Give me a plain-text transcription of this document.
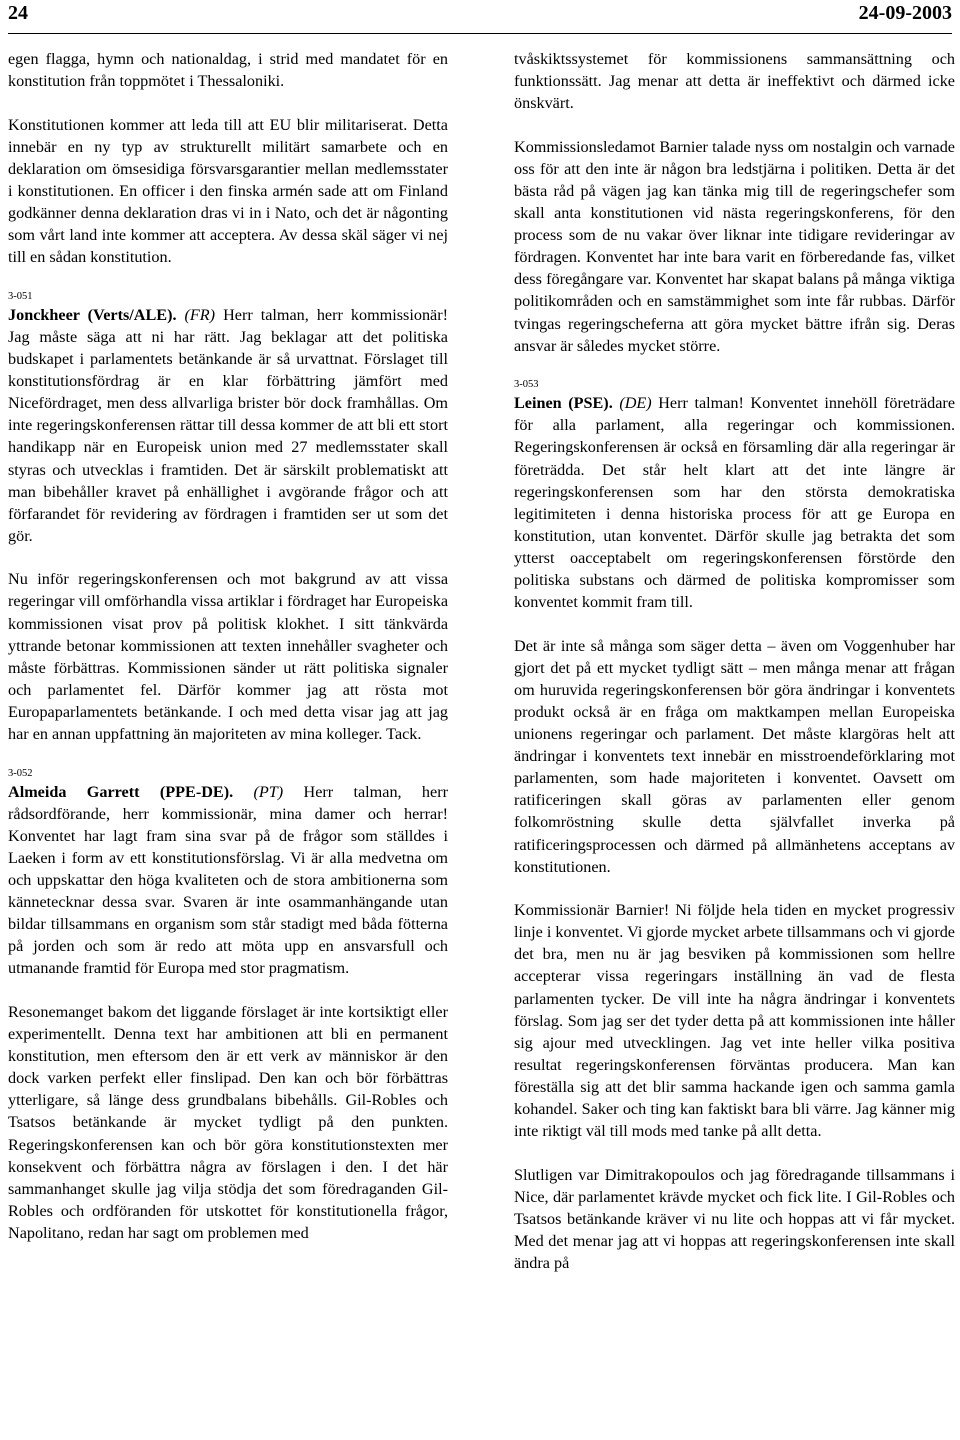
24	24-09-2003

egen flagga, hymn och nationaldag, i strid med mandatet för en konstitution från toppmötet i Thessaloniki.

Konstitutionen kommer att leda till att EU blir militariserat. Detta innebär en ny typ av strukturellt militärt samarbete och en deklaration om ömsesidiga försvarsgarantier mellan medlemsstater i konstitutionen. En officer i den finska armén sade att om Finland godkänner denna deklaration dras vi in i Nato, och det är någonting som vårt land inte kommer att acceptera. Av dessa skäl säger vi nej till en sådan konstitution.

3-051

Jonckheer (Verts/ALE). (FR) Herr talman, herr kommissionär! Jag måste säga att ni har rätt. Jag beklagar att det politiska budskapet i parlamentets betänkande är så urvattnat. Förslaget till konstitutionsfördrag är en klar förbättring jämfört med Nicefördraget, men dess allvarliga brister bör dock framhållas. Om inte regeringskonferensen rättar till dessa kommer de att bli ett stort handikapp när en Europeisk union med 27 medlemsstater skall styras och utvecklas i framtiden. Det är särskilt problematiskt att man bibehåller kravet på enhällighet i avgörande frågor och att förfarandet för revidering av fördragen i framtiden ser ut som det gör.

Nu inför regeringskonferensen och mot bakgrund av att vissa regeringar vill omförhandla vissa artiklar i fördraget har Europeiska kommissionen visat prov på politisk klokhet. I sitt tänkvärda yttrande betonar kommissionen att texten innehåller svagheter och måste förbättras. Kommissionen sänder ut rätt politiska signaler och parlamentet fel. Därför kommer jag att rösta mot Europaparlamentets betänkande. I och med detta visar jag att jag har en annan uppfattning än majoriteten av mina kolleger. Tack.

3-052

Almeida Garrett (PPE-DE). (PT) Herr talman, herr rådsordförande, herr kommissionär, mina damer och herrar! Konventet har lagt fram sina svar på de frågor som ställdes i Laeken i form av ett konstitutionsförslag. Vi är alla medvetna om och uppskattar den höga kvaliteten och de stora ambitionerna som kännetecknar dessa svar. Svaren är inte osammanhängande utan bildar tillsammans en organism som står stadigt med båda fötterna på jorden och som är redo att möta upp en ansvarsfull och utmanande framtid för Europa med stor pragmatism.

Resonemanget bakom det liggande förslaget är inte kortsiktigt eller experimentellt. Denna text har ambitionen att bli en permanent konstitution, men eftersom den är ett verk av människor är den dock varken perfekt eller finslipad. Den kan och bör förbättras ytterligare, så länge dess grundbalans bibehålls. Gil-Robles och Tsatsos betänkande är mycket tydligt på den punkten. Regeringskonferensen kan och bör göra konstitutionstexten mer konsekvent och förbättra några av förslagen i den. I det här sammanhanget skulle jag vilja stödja det som föredraganden Gil-Robles och ordföranden för utskottet för konstitutionella frågor, Napolitano, redan har sagt om problemen med

tvåskiktssystemet för kommissionens sammansättning och funktionssätt. Jag menar att detta är ineffektivt och därmed icke önskvärt.

Kommissionsledamot Barnier talade nyss om nostalgin och varnade oss för att den inte är någon bra ledstjärna i politiken. Detta är det bästa råd på vägen jag kan tänka mig till de regeringschefer som skall anta konstitutionen vid nästa regeringskonferens, för den process som de nu vakar över liknar inte tidigare revideringar av fördragen. Konventet har inte bara varit en förberedande fas, vilket dess föregångare var. Konventet har skapat balans på många viktiga politikområden och en samstämmighet som inte får rubbas. Därför tvingas regeringscheferna att göra mycket bättre ifrån sig. Deras ansvar är således mycket större.

3-053

Leinen (PSE). (DE) Herr talman! Konventet innehöll företrädare för alla parlament, alla regeringar och kommissionen. Regeringskonferensen är också en församling där alla regeringar är företrädda. Det står helt klart att det inte längre är regeringskonferensen som har den största demokratiska legitimiteten i denna historiska process för att ge Europa en konstitution, utan konventet. Därför skulle jag betrakta det som ytterst oacceptabelt om regeringskonferensen förstörde den politiska substans och därmed de politiska kompromisser som konventet kommit fram till.

Det är inte så många som säger detta – även om Voggenhuber har gjort det på ett mycket tydligt sätt – men många menar att frågan om huruvida regeringskonferensen bör göra ändringar i konventets produkt också är en fråga om maktkampen mellan Europeiska unionens regeringar och parlament. Det måste klargöras helt att ändringar i konventets text innebär en misstroendeförklaring mot parlamenten, som hade majoriteten i konventet. Oavsett om ratificeringen skall göras av parlamenten eller genom folkomröstning skulle detta självfallet inverka på ratificeringsprocessen och därmed på allmänhetens acceptans av konstitutionen.

Kommissionär Barnier! Ni följde hela tiden en mycket progressiv linje i konventet. Vi gjorde mycket arbete tillsammans och vi gjorde det bra, men nu är jag besviken på kommissionen som hellre accepterar vissa regeringars inställning än vad de flesta parlamenten tycker. De vill inte ha några ändringar i konventets förslag. Som jag ser det tyder detta på att kommissionen inte håller sig ajour med utvecklingen. Jag vet inte heller vilka positiva resultat regeringskonferensen förväntas producera. Man kan föreställa sig att det blir samma hackande igen och samma gamla kohandel. Saker och ting kan faktiskt bara bli värre. Jag känner mig inte riktigt väl till mods med tanke på allt detta.

Slutligen var Dimitrakopoulos och jag föredragande tillsammans i Nice, där parlamentet krävde mycket och fick lite. I Gil-Robles och Tsatsos betänkande kräver vi nu lite och hoppas att vi får mycket. Med det menar jag att vi hoppas att regeringskonferensen inte skall ändra på
